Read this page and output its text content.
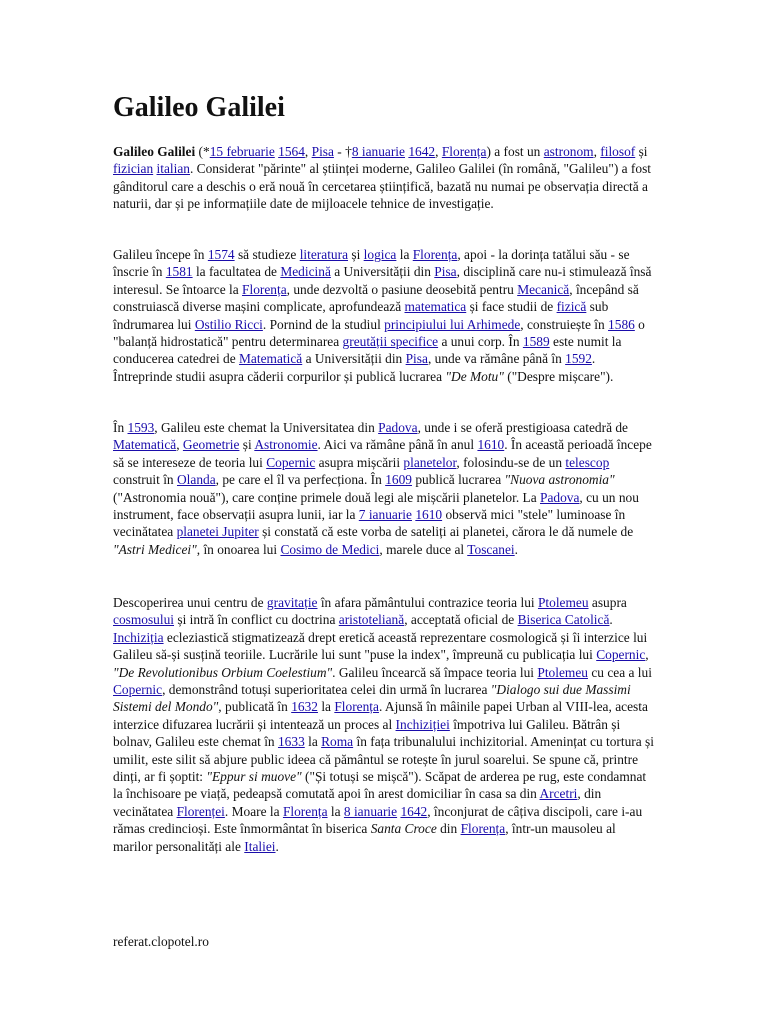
Galileo Galilei

Galileo Galilei (*15 februarie 1564, Pisa - †8 ianuarie 1642, Florența) a fost un astronom, filosof și fizician italian. Considerat "părinte" al științei moderne, Galileo Galilei (în română, "Galileu") a fost gânditorul care a deschis o eră nouă în cercetarea științifică, bazată nu numai pe observația directă a naturii, dar și pe informațiile date de mijloacele tehnice de investigație.

Galileu începe în 1574 să studieze literatura și logica la Florența, apoi - la dorința tatălui său - se înscrie în 1581 la facultatea de Medicină a Universității din Pisa, disciplină care nu-i stimulează însă interesul. Se întoarce la Florența, unde dezvoltă o pasiune deosebită pentru Mecanică, începând să construiască diverse mașini complicate, aprofundează matematica și face studii de fizică sub îndrumarea lui Ostilio Ricci. Pornind de la studiul principiului lui Arhimede, construiește în 1586 o "balanță hidrostatică" pentru determinarea greutății specifice a unui corp. În 1589 este numit la conducerea catedrei de Matematică a Universității din Pisa, unde va rămâne până în 1592. Întreprinde studii asupra căderii corpurilor și publică lucrarea "De Motu" ("Despre mișcare").

În 1593, Galileu este chemat la Universitatea din Padova, unde i se oferă prestigioasa catedră de Matematică, Geometrie și Astronomie. Aici va rămâne până în anul 1610. În această perioadă începe să se intereseze de teoria lui Copernic asupra mișcării planetelor, folosindu-se de un telescop construit în Olanda, pe care el îl va perfecționa. În 1609 publică lucrarea "Nuova astronomia" ("Astronomia nouă"), care conține primele două legi ale mișcării planetelor. La Padova, cu un nou instrument, face observații asupra lunii, iar la 7 ianuarie 1610 observă mici "stele" luminoase în vecinătatea planetei Jupiter și constată că este vorba de sateliți ai planetei, cărora le dă numele de "Astri Medicei", în onoarea lui Cosimo de Medici, marele duce al Toscanei.

Descoperirea unui centru de gravitație în afara pământului contrazice teoria lui Ptolemeu asupra cosmosului și intră în conflict cu doctrina aristoteliană, acceptată oficial de Biserica Catolică. Inchiziția ecleziastică stigmatizează drept eretică această reprezentare cosmologică și îi interzice lui Galileu să-și susțină teoriile. Lucrările lui sunt "puse la index", împreună cu publicația lui Copernic, "De Revolutionibus Orbium Coelestium". Galileu încearcă să împace teoria lui Ptolemeu cu cea a lui Copernic, demonstrând totuși superioritatea celei din urmă în lucrarea "Dialogo sui due Massimi Sistemi del Mondo", publicată în 1632 la Florența. Ajunsă în mâinile papei Urban al VIII-lea, acesta interzice difuzarea lucrării și intentează un proces al Inchiziției împotriva lui Galileu. Bătrân și bolnav, Galileu este chemat în 1633 la Roma în fața tribunalului inchizitorial. Amenințat cu tortura și umilit, este silit să abjure public ideea că pământul se rotește în jurul soarelui. Se spune că, printre dinți, ar fi șoptit: "Eppur si muove" ("Și totuși se mișcă"). Scăpat de arderea pe rug, este condamnat la închisoare pe viață, pedeapsă comutată apoi în arest domiciliar în casa sa din Arcetri, din vecinătatea Florenței. Moare la Florența la 8 ianuarie 1642, înconjurat de câțiva discipoli, care i-au rămas credincioși. Este înmormântat în biserica Santa Croce din Florența, într-un mausoleu al marilor personalități ale Italiei.

referat.clopotel.ro
